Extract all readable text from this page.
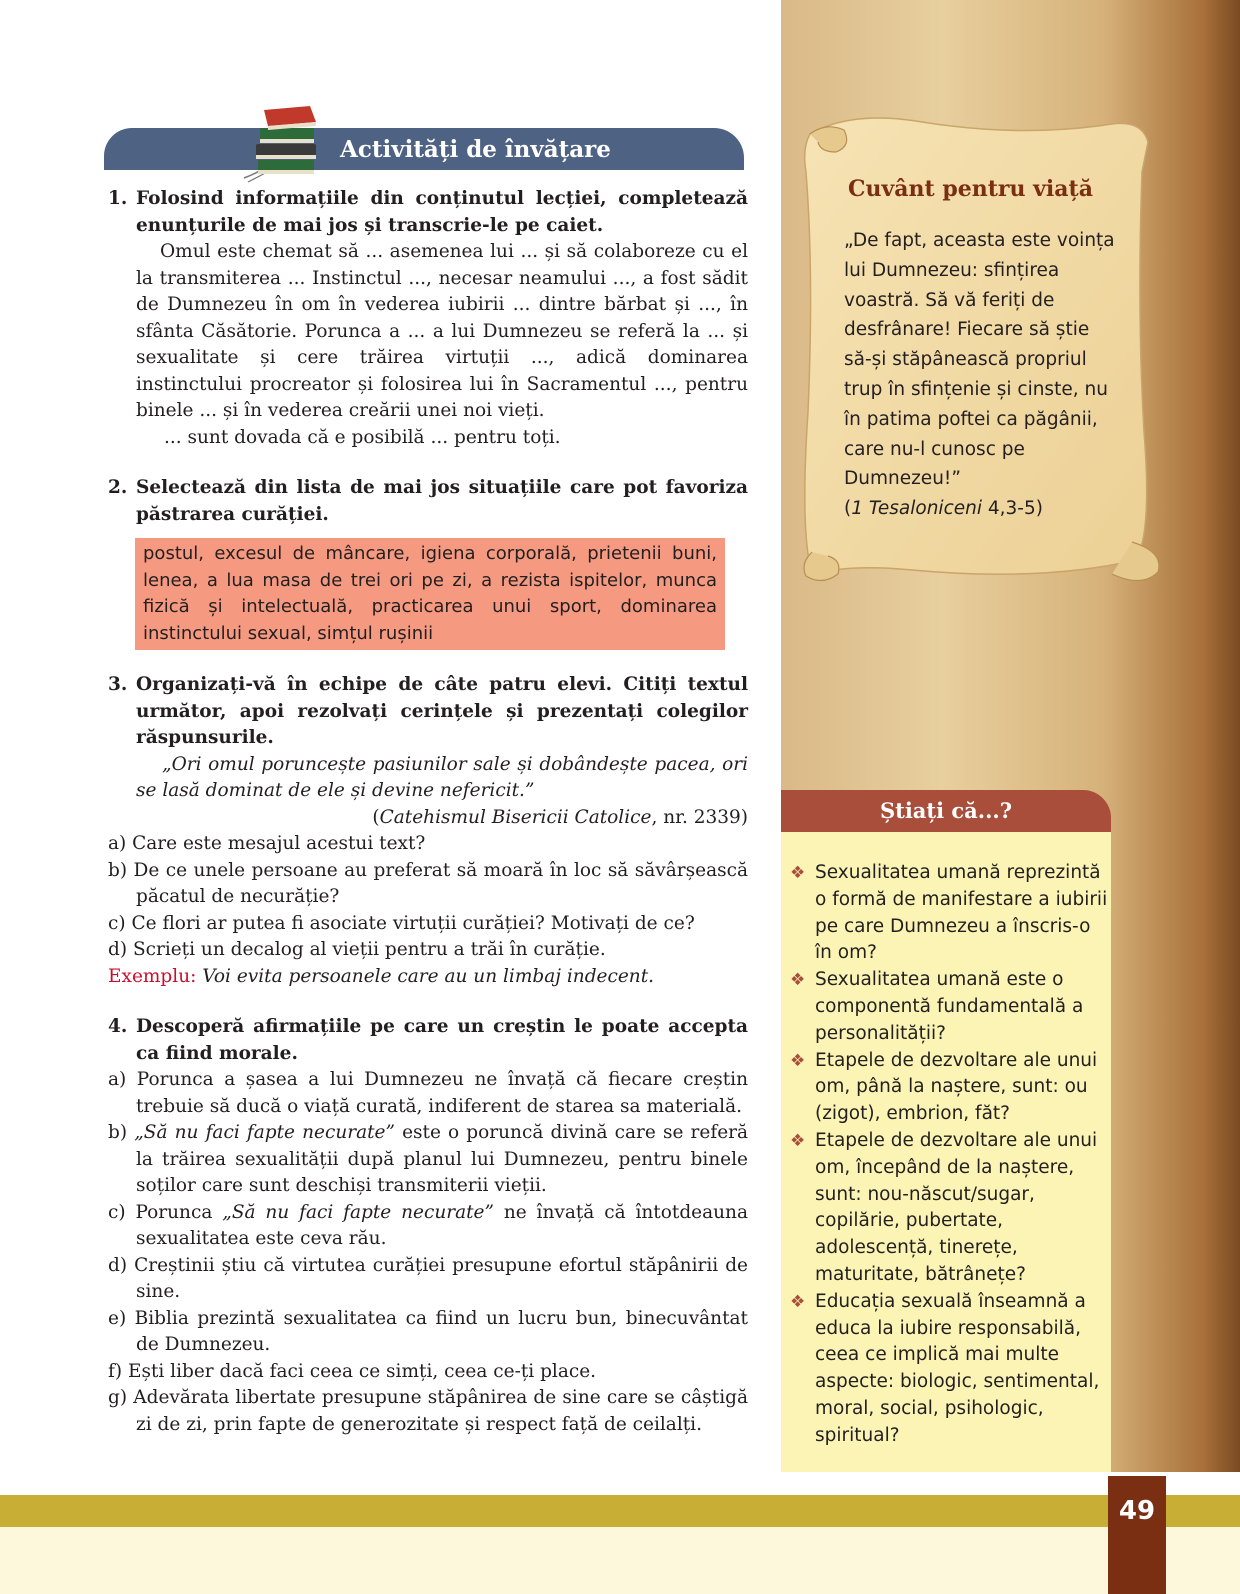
Activități de învățare
1. Folosind informațiile din conținutul lecției, completează enunțurile de mai jos și transcrie-le pe caiet.
Omul este chemat să ... asemenea lui ... și să colaboreze cu el la transmiterea ... Instinctul ..., necesar neamului ..., a fost sădit de Dumnezeu în om în vederea iubirii ... dintre bărbat și ..., în sfânta Căsătorie. Porunca a ... a lui Dumnezeu se referă la ... și sexualitate și cere trăirea virtuții ..., adică dominarea instinctului procreator și folosirea lui în Sacramentul ..., pentru binele ... și în vederea creării unei noi vieți.
... sunt dovada că e posibilă ... pentru toți.
2. Selectează din lista de mai jos situațiile care pot favoriza păstrarea curăției.
postul, excesul de mâncare, igiena corporală, prietenii buni, lenea, a lua masa de trei ori pe zi, a rezista ispitelor, munca fizică și intelectuală, practicarea unui sport, dominarea instinctului sexual, simțul rușinii
3. Organizați-vă în echipe de câte patru elevi. Citiți textul următor, apoi rezolvați cerințele și prezentați colegilor răspunsurile.
„Ori omul poruncește pasiunilor sale și dobândește pacea, ori se lasă dominat de ele și devine nefericit.”
(Catehismul Bisericii Catolice, nr. 2339)
a) Care este mesajul acestui text?
b) De ce unele persoane au preferat să moară în loc să săvârșească păcatul de necurăție?
c) Ce flori ar putea fi asociate virtuții curăției? Motivați de ce?
d) Scrieți un decalog al vieții pentru a trăi în curăție.
Exemplu: Voi evita persoanele care au un limbaj indecent.
4. Descoperă afirmațiile pe care un creștin le poate accepta ca fiind morale.
a) Porunca a șasea a lui Dumnezeu ne învață că fiecare creștin trebuie să ducă o viață curată, indiferent de starea sa materială.
b) „Să nu faci fapte necurate” este o poruncă divină care se referă la trăirea sexualității după planul lui Dumnezeu, pentru binele soților care sunt deschiși transmiterii vieții.
c) Porunca „Să nu faci fapte necurate” ne învață că întotdeauna sexualitatea este ceva rău.
d) Creștinii știu că virtutea curăției presupune efortul stăpânirii de sine.
e) Biblia prezintă sexualitatea ca fiind un lucru bun, binecuvântat de Dumnezeu.
f) Ești liber dacă faci ceea ce simți, ceea ce-ți place.
g) Adevărata libertate presupune stăpânirea de sine care se câștigă zi de zi, prin fapte de generozitate și respect față de ceilalți.
Cuvânt pentru viață
„De fapt, aceasta este voința
lui Dumnezeu: sfințirea
voastră. Să vă feriți de
desfrânare! Fiecare să știe
să-și stăpânească propriul
trup în sfințenie și cinste, nu
în patima poftei ca păgânii,
care nu-l cunosc pe
Dumnezeu!”
(1 Tesaloniceni 4,3-5)
Știați că...?
❖ Sexualitatea umană reprezintă o formă de manifestare a iubirii pe care Dumnezeu a înscris-o în om?
❖ Sexualitatea umană este o componentă fundamentală a personalității?
❖ Etapele de dezvoltare ale unui om, până la naștere, sunt: ou (zigot), embrion, făt?
❖ Etapele de dezvoltare ale unui om, începând de la naștere, sunt: nou-născut/sugar, copilărie, pubertate, adolescență, tinerețe, maturitate, bătrânețe?
❖ Educația sexuală înseamnă a educa la iubire responsabilă, ceea ce implică mai multe aspecte: biologic, sentimental, moral, social, psihologic, spiritual?
49
